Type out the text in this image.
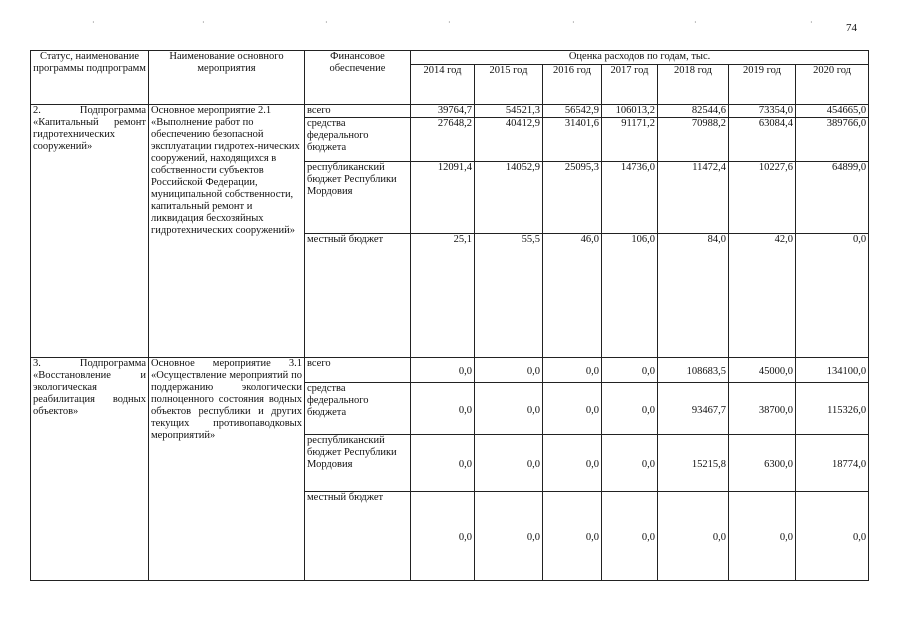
·	·	·	·	·	·	·	74
Статус, наименование программы подпрограмм	Наименование основного мероприятия	Финансовое обеспечение	Оценка расходов по годам, тыс.						
			2014 год	2015 год	2016 год	2017 год	2018 год	2019 год	2020 год
2. Подпрограмма «Капитальный ремонт гидротехнических сооружений»	Основное мероприятие 2.1 «Выполнение работ по обеспечению безопасной эксплуатации гидротех-нических сооружений, находящихся в собственности субъектов Российской Федерации, муниципальной собственности, капитальный ремонт и ликвидация бесхозяйных гидротехнических сооружений»	всего	39764,7	54521,3	56542,9	106013,2	82544,6	73354,0	454665,0
		средства федерального бюджета	27648,2	40412,9	31401,6	91171,2	70988,2	63084,4	389766,0
		республиканский бюджет Республики Мордовия	12091,4	14052,9	25095,3	14736,0	11472,4	10227,6	64899,0
		местный бюджет	25,1	55,5	46,0	106,0	84,0	42,0	0,0
3. Подпрограмма «Восстановление и экологическая реабилитация водных объектов»	Основное мероприятие 3.1 «Осуществление мероприятий по поддержанию экологически полноценного состояния водных объектов республики и других текущих противопаводковых мероприятий»	всего	0,0	0,0	0,0	0,0	108683,5	45000,0	134100,0
		средства федерального бюджета	0,0	0,0	0,0	0,0	93467,7	38700,0	115326,0
		республиканский бюджет Республики Мордовия	0,0	0,0	0,0	0,0	15215,8	6300,0	18774,0
		местный бюджет	0,0	0,0	0,0	0,0	0,0	0,0	0,0
